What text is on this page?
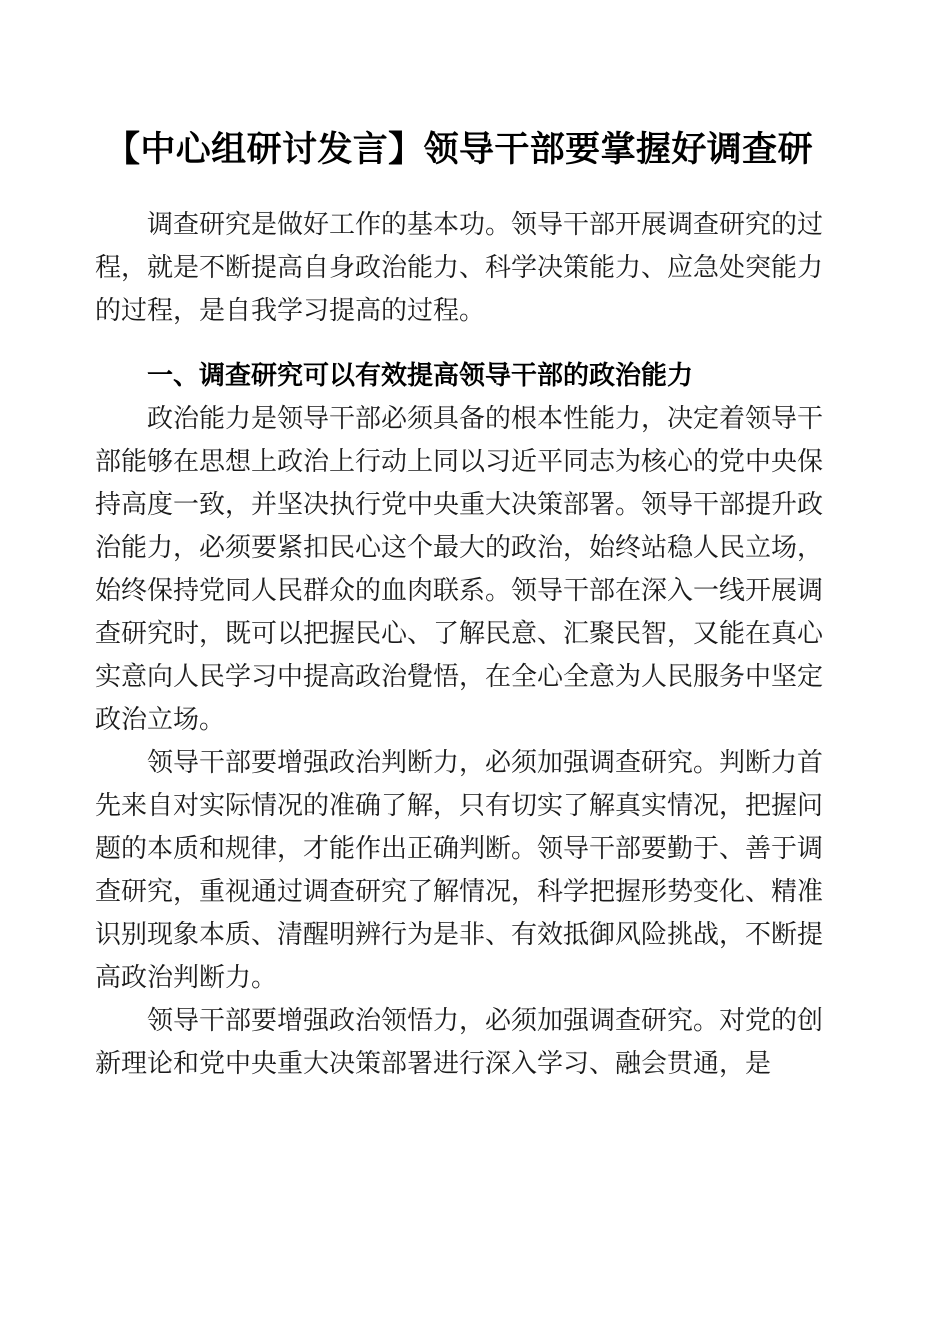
【中心组研讨发言】领导干部要掌握好调查研

调查研究是做好工作的基本功。领导干部开展调查研究的过程，就是不断提高自身政治能力、科学决策能力、应急处突能力的过程，是自我学习提高的过程。

一、调查研究可以有效提高领导干部的政治能力

政治能力是领导干部必须具备的根本性能力，决定着领导干部能够在思想上政治上行动上同以习近平同志为核心的党中央保持高度一致，并坚决执行党中央重大决策部署。领导干部提升政治能力，必须要紧扣民心这个最大的政治，始终站稳人民立场，始终保持党同人民群众的血肉联系。领导干部在深入一线开展调查研究时，既可以把握民心、了解民意、汇聚民智，又能在真心实意向人民学习中提高政治覺悟，在全心全意为人民服务中坚定政治立场。

领导干部要增强政治判断力，必须加强调查研究。判断力首先来自对实际情况的准确了解，只有切实了解真实情况，把握问题的本质和规律，才能作出正确判断。领导干部要勤于、善于调查研究，重视通过调查研究了解情况，科学把握形势变化、精准识别现象本质、清醒明辨行为是非、有效抵御风险挑战，不断提高政治判断力。

领导干部要增强政治领悟力，必须加强调查研究。对党的创新理论和党中央重大决策部署进行深入学习、融会贯通，是
